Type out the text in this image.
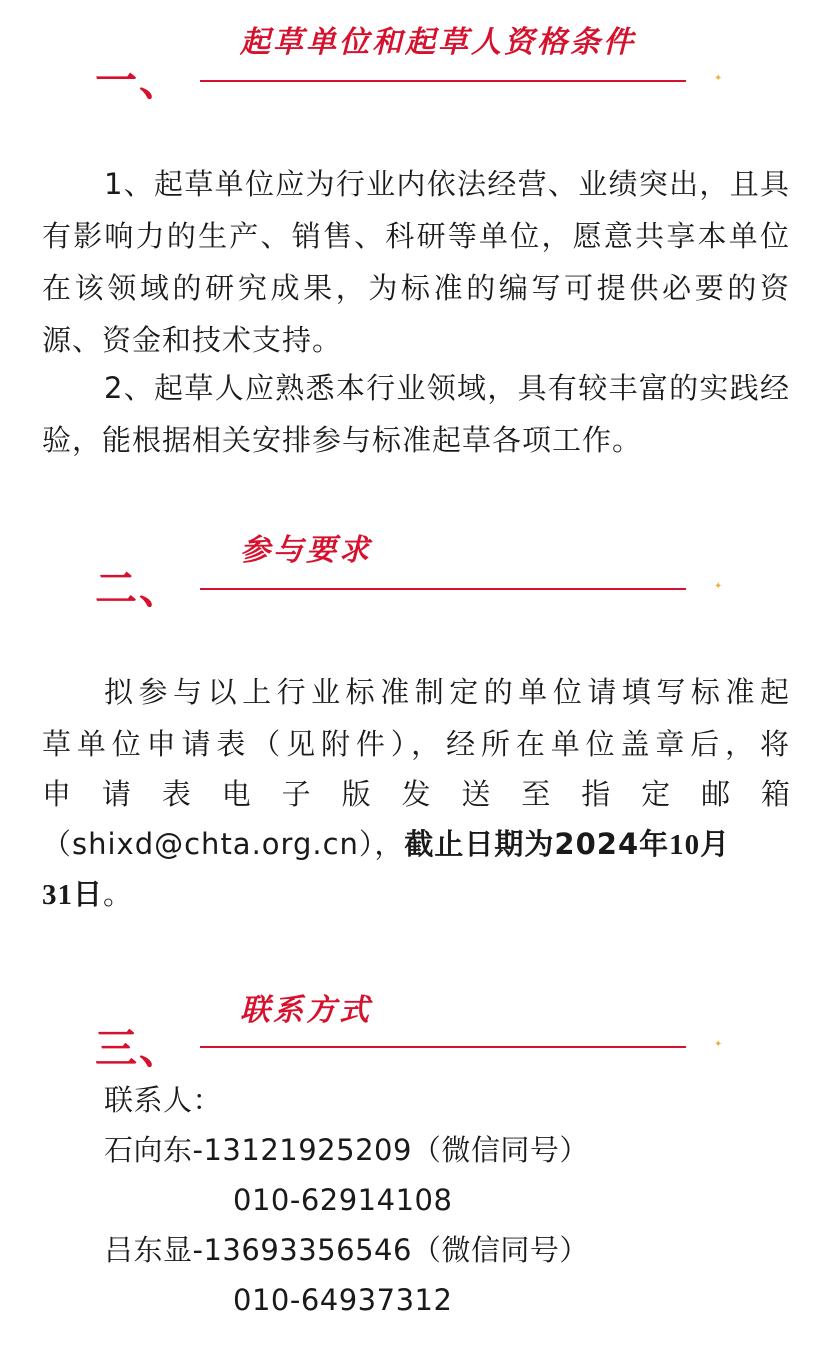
一、
起草单位和起草人资格条件
✦

1、起草单位应为行业内依法经营、业绩突出，且具有影响力的生产、销售、科研等单位，愿意共享本单位在该领域的研究成果，为标准的编写可提供必要的资源、资金和技术支持。

2、起草人应熟悉本行业领域，具有较丰富的实践经验，能根据相关安排参与标准起草各项工作。

二、
参与要求
✦
拟参与以上行业标准制定的单位请填写标准起
草单位申请表（见附件），经所在单位盖章后，将
申请表电子版发送至指定邮箱
（shixd@chta.org.cn），截止日期为2024年10月
31日。
三、
联系方式
✦
联系人：
石向东-13121925209（微信同号）
010-62914108
吕东显-13693356546（微信同号）
010-64937312
